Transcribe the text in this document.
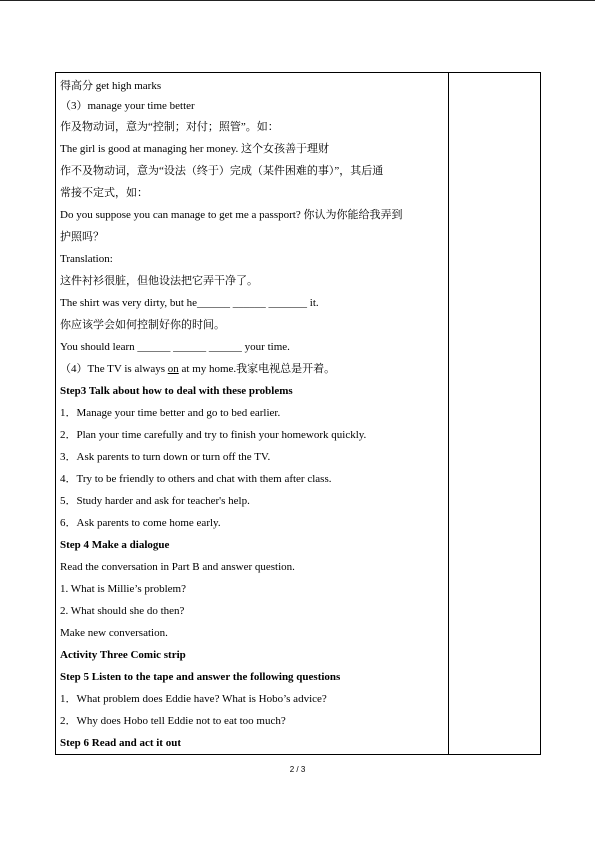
得高分 get high marks
（3）manage your time better
作及物动词，意为“控制；对付；照管”。如：
The girl is good at managing her money. 这个女孩善于理财
作不及物动词，意为“设法（终于）完成（某件困难的事）”，其后通
常接不定式，如：
Do you suppose you can manage to get me a passport? 你认为你能给我弄到
护照吗？
Translation:
这件衬衫很脏，但他设法把它弄干净了。
The shirt was very dirty, but he______ ______ _______ it.
你应该学会如何控制好你的时间。
You should learn ______ ______ ______ your time.
（4）The TV is always on at my home.我家电视总是开着。
Step3 Talk about how to deal with these problems
1．Manage your time better and go to bed earlier.
2．Plan your time carefully and try to finish your homework quickly.
3．Ask parents to turn down or turn off the TV.
4．Try to be friendly to others and chat with them after class.
5．Study harder and ask for teacher's help.
6．Ask parents to come home early.
Step 4 Make a dialogue
Read the conversation in Part B and answer question.
1. What is Millie’s problem?
2. What should she do then?
Make new conversation.
Activity Three Comic strip
Step 5 Listen to the tape and answer the following questions
1．What problem does Eddie have? What is Hobo’s advice?
2．Why does Hobo tell Eddie not to eat too much?
Step 6 Read and act it out
2 / 3
